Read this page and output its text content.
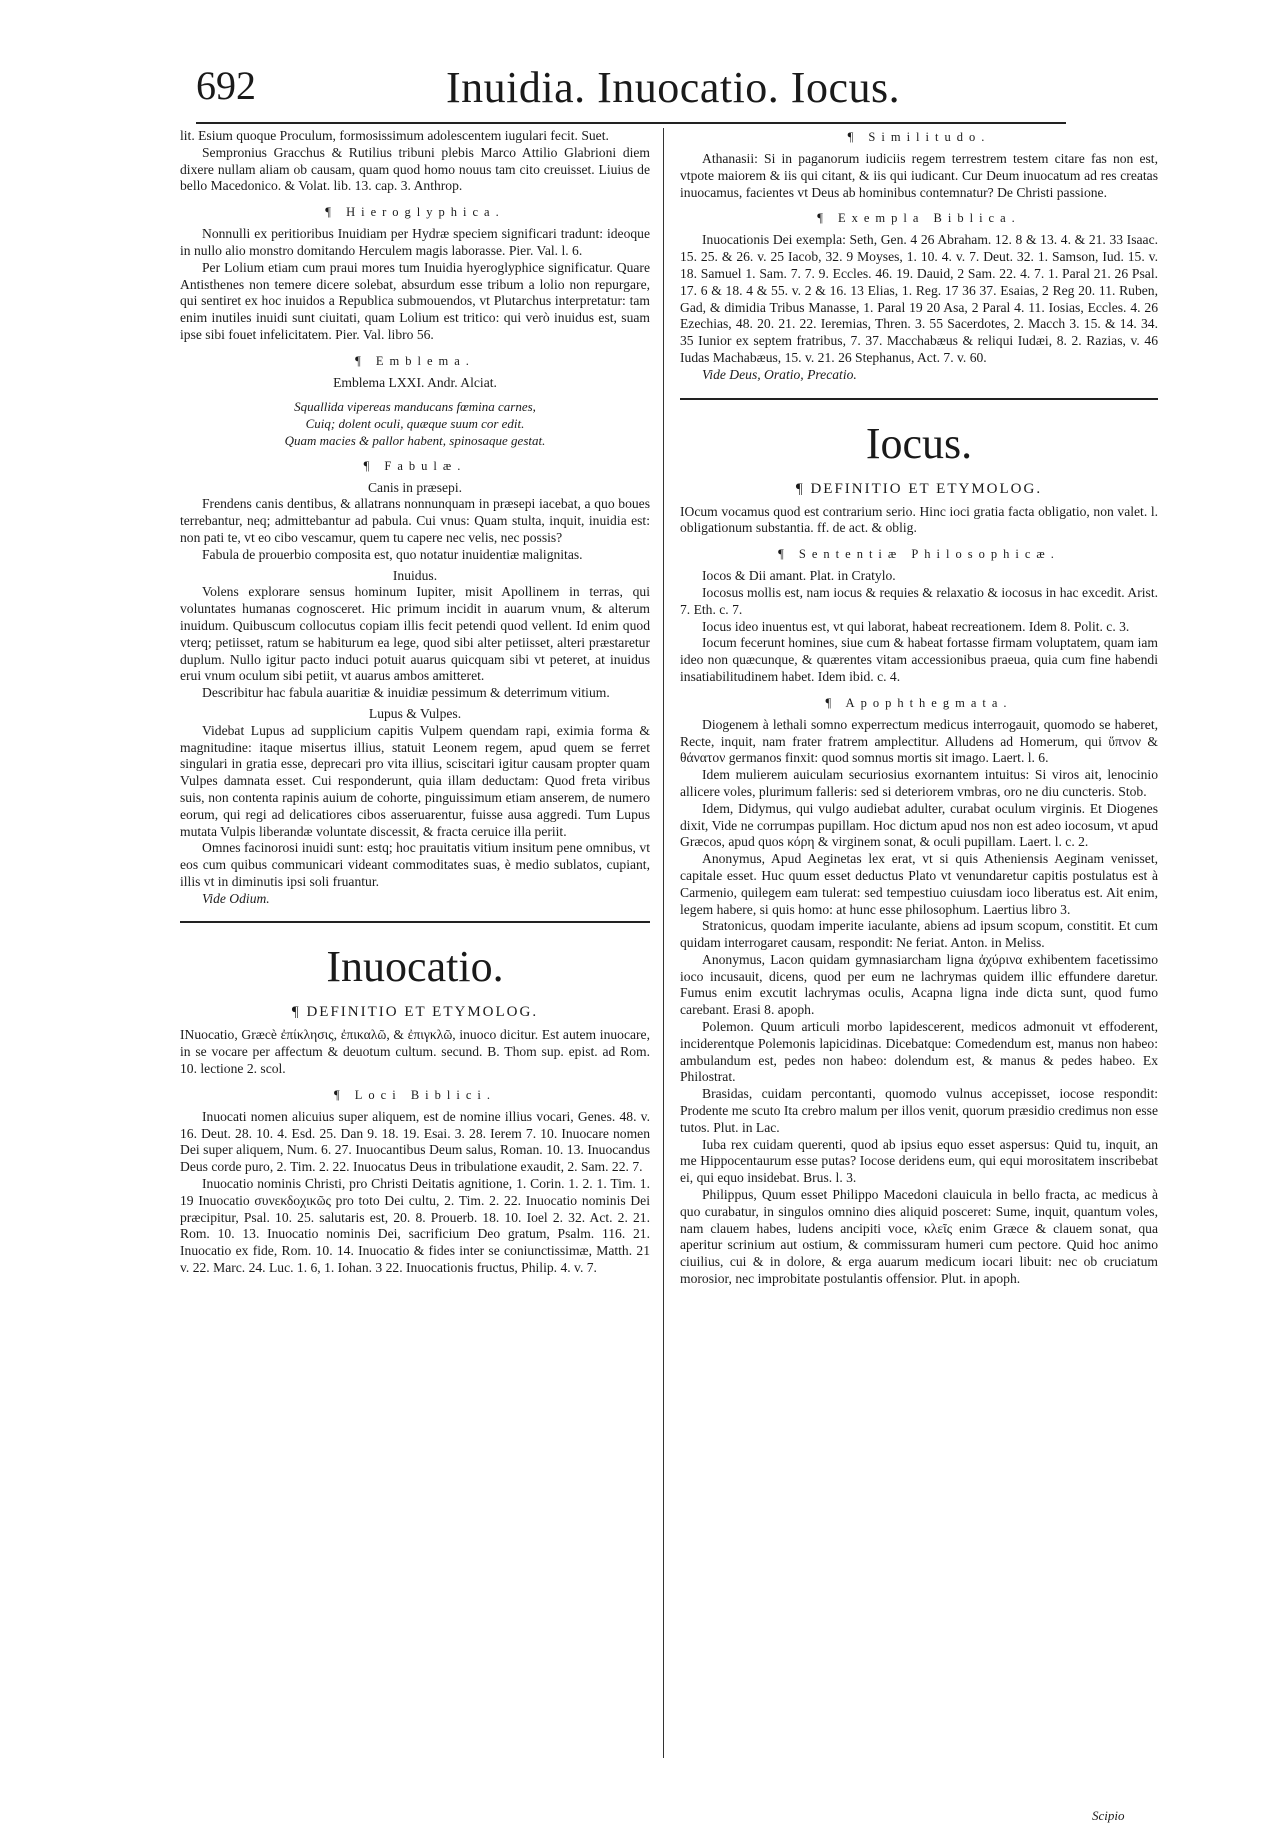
692	Inuidia. Inuocatio. Iocus.

lit. Esium quoque Proculum, formosissimum adolescentem iugulari fecit. Suet.

Sempronius Gracchus & Rutilius tribuni plebis Marco Attilio Glabrioni diem dixere nullam aliam ob causam, quam quod homo nouus tam cito creuisset. Liuius de bello Macedonico. & Volat. lib. 13. cap. 3. Anthrop.

¶ Hieroglyphica.

Nonnulli ex peritioribus Inuidiam per Hydræ speciem significari tradunt: ideoque in nullo alio monstro domitando Herculem magis laborasse. Pier. Val. l. 6.

Per Lolium etiam cum praui mores tum Inuidia hyeroglyphice significatur. Quare Antisthenes non temere dicere solebat, absurdum esse tribum a lolio non repurgare, qui sentiret ex hoc inuidos a Republica submouendos, vt Plutarchus interpretatur: tam enim inutiles inuidi sunt ciuitati, quam Lolium est tritico: qui verò inuidus est, suam ipse sibi fouet infelicitatem. Pier. Val. libro 56.

¶ Emblema.

Emblema LXXI. Andr. Alciat.

Squallida vipereas manducans fœmina carnes,
Cuiq; dolent oculi, quæque suum cor edit.
Quam macies & pallor habent, spinosaque gestat.
¶ Fabulæ.

Canis in præsepi.

Frendens canis dentibus, & allatrans nonnunquam in præsepi iacebat, a quo boues terrebantur, neq; admittebantur ad pabula. Cui vnus: Quam stulta, inquit, inuidia est: non pati te, vt eo cibo vescamur, quem tu capere nec velis, nec possis?

Fabula de prouerbio composita est, quo notatur inuidentiæ malignitas.

Inuidus.

Volens explorare sensus hominum Iupiter, misit Apollinem in terras, qui voluntates humanas cognosceret. Hic primum incidit in auarum vnum, & alterum inuidum. Quibuscum collocutus copiam illis fecit petendi quod vellent. Id enim quod vterq; petiisset, ratum se habiturum ea lege, quod sibi alter petiisset, alteri præstaretur duplum. Nullo igitur pacto induci potuit auarus quicquam sibi vt peteret, at inuidus erui vnum oculum sibi petiit, vt auarus ambos amitteret.

Describitur hac fabula auaritiæ & inuidiæ pessimum & deterrimum vitium.

Lupus & Vulpes.

Videbat Lupus ad supplicium capitis Vulpem quendam rapi, eximia forma & magnitudine: itaque misertus illius, statuit Leonem regem, apud quem se ferret singulari in gratia esse, deprecari pro vita illius, sciscitari igitur causam propter quam Vulpes damnata esset. Cui responderunt, quia illam deductam: Quod freta viribus suis, non contenta rapinis auium de cohorte, pinguissimum etiam anserem, de numero eorum, qui regi ad delicatiores cibos asseruarentur, fuisse ausa aggredi. Tum Lupus mutata Vulpis liberandæ voluntate discessit, & fracta ceruice illa periit.

Omnes facinorosi inuidi sunt: estq; hoc prauitatis vitium insitum pene omnibus, vt eos cum quibus communicari videant commoditates suas, è medio sublatos, cupiant, illis vt in diminutis ipsi soli fruantur.

Vide Odium.

Inuocatio.
¶ DEFINITIO ET ETYMOLOG.

INuocatio, Græcè ἐπίκλησις, ἐπικαλῶ, & ἐπιγκλῶ, inuoco dicitur. Est autem inuocare, in se vocare per affectum & deuotum cultum. secund. B. Thom sup. epist. ad Rom. 10. lectione 2. scol.

¶ Loci Biblici.

Inuocati nomen alicuius super aliquem, est de nomine illius vocari, Genes. 48. v. 16. Deut. 28. 10. 4. Esd. 25. Dan 9. 18. 19. Esai. 3. 28. Ierem 7. 10. Inuocare nomen Dei super aliquem, Num. 6. 27. Inuocantibus Deum salus, Roman. 10. 13. Inuocandus Deus corde puro, 2. Tim. 2. 22. Inuocatus Deus in tribulatione exaudit, 2. Sam. 22. 7.

Inuocatio nominis Christi, pro Christi Deitatis agnitione, 1. Corin. 1. 2. 1. Tim. 1. 19 Inuocatio συνεκδοχικῶς pro toto Dei cultu, 2. Tim. 2. 22. Inuocatio nominis Dei præcipitur, Psal. 10. 25. salutaris est, 20. 8. Prouerb. 18. 10. Ioel 2. 32. Act. 2. 21. Rom. 10. 13. Inuocatio nominis Dei, sacrificium Deo gratum, Psalm. 116. 21. Inuocatio ex fide, Rom. 10. 14. Inuocatio & fides inter se coniunctissimæ, Matth. 21 v. 22. Marc. 24. Luc. 1. 6, 1. Iohan. 3 22. Inuocationis fructus, Philip. 4. v. 7.

¶ Similitudo.

Athanasii: Si in paganorum iudiciis regem terrestrem testem citare fas non est, vtpote maiorem & iis qui citant, & iis qui iudicant. Cur Deum inuocatum ad res creatas inuocamus, facientes vt Deus ab hominibus contemnatur? De Christi passione.

¶ Exempla Biblica.

Inuocationis Dei exempla: Seth, Gen. 4 26 Abraham. 12. 8 & 13. 4. & 21. 33 Isaac. 15. 25. & 26. v. 25 Iacob, 32. 9 Moyses, 1. 10. 4. v. 7. Deut. 32. 1. Samson, Iud. 15. v. 18. Samuel 1. Sam. 7. 7. 9. Eccles. 46. 19. Dauid, 2 Sam. 22. 4. 7. 1. Paral 21. 26 Psal. 17. 6 & 18. 4 & 55. v. 2 & 16. 13 Elias, 1. Reg. 17 36 37. Esaias, 2 Reg 20. 11. Ruben, Gad, & dimidia Tribus Manasse, 1. Paral 19 20 Asa, 2 Paral 4. 11. Iosias, Eccles. 4. 26 Ezechias, 48. 20. 21. 22. Ieremias, Thren. 3. 55 Sacerdotes, 2. Macch 3. 15. & 14. 34. 35 Iunior ex septem fratribus, 7. 37. Macchabæus & reliqui Iudæi, 8. 2. Razias, v. 46 Iudas Machabæus, 15. v. 21. 26 Stephanus, Act. 7. v. 60.

Vide Deus, Oratio, Precatio.

Iocus.
¶ DEFINITIO ET ETYMOLOG.

IOcum vocamus quod est contrarium serio. Hinc ioci gratia facta obligatio, non valet. l. obligationum substantia. ff. de act. & oblig.

¶ Sententiæ Philosophicæ.

Iocos & Dii amant. Plat. in Cratylo.

Iocosus mollis est, nam iocus & requies & relaxatio & iocosus in hac excedit. Arist. 7. Eth. c. 7.

Iocus ideo inuentus est, vt qui laborat, habeat recreationem. Idem 8. Polit. c. 3.

Iocum fecerunt homines, siue cum & habeat fortasse firmam voluptatem, quam iam ideo non quæcunque, & quærentes vitam accessionibus praeua, quia cum fine habendi insatiabilitudinem habet. Idem ibid. c. 4.

¶ Apophthegmata.

Diogenem à lethali somno experrectum medicus interrogauit, quomodo se haberet, Recte, inquit, nam frater fratrem amplectitur. Alludens ad Homerum, qui ὕπνον & θάνατον germanos finxit: quod somnus mortis sit imago. Laert. l. 6.

Idem mulierem auiculam securiosius exornantem intuitus: Si viros ait, lenocinio allicere voles, plurimum falleris: sed si deteriorem vmbras, oro ne diu cuncteris. Stob.

Idem, Didymus, qui vulgo audiebat adulter, curabat oculum virginis. Et Diogenes dixit, Vide ne corrumpas pupillam. Hoc dictum apud nos non est adeo iocosum, vt apud Græcos, apud quos κόρη & virginem sonat, & oculi pupillam. Laert. l. c. 2.

Anonymus, Apud Aeginetas lex erat, vt si quis Atheniensis Aeginam venisset, capitale esset. Huc quum esset deductus Plato vt venundaretur capitis postulatus est à Carmenio, quilegem eam tulerat: sed tempestiuo cuiusdam ioco liberatus est. Ait enim, legem habere, si quis homo: at hunc esse philosophum. Laertius libro 3.

Stratonicus, quodam imperite iaculante, abiens ad ipsum scopum, constitit. Et cum quidam interrogaret causam, respondit: Ne feriat. Anton. in Meliss.

Anonymus, Lacon quidam gymnasiarcham ligna ἀχύρινα exhibentem facetissimo ioco incusauit, dicens, quod per eum ne lachrymas quidem illic effundere daretur. Fumus enim excutit lachrymas oculis, Acapna ligna inde dicta sunt, quod fumo carebant. Erasi 8. apoph.

Polemon. Quum articuli morbo lapidescerent, medicos admonuit vt effoderent, inciderentque Polemonis lapicidinas. Dicebatque: Comedendum est, manus non habeo: ambulandum est, pedes non habeo: dolendum est, & manus & pedes habeo. Ex Philostrat.

Brasidas, cuidam percontanti, quomodo vulnus accepisset, iocose respondit: Prodente me scuto Ita crebro malum per illos venit, quorum præsidio credimus non esse tutos. Plut. in Lac.

Iuba rex cuidam querenti, quod ab ipsius equo esset aspersus: Quid tu, inquit, an me Hippocentaurum esse putas? Iocose deridens eum, qui equi morositatem inscribebat ei, qui equo insidebat. Brus. l. 3.

Philippus, Quum esset Philippo Macedoni clauicula in bello fracta, ac medicus à quo curabatur, in singulos omnino dies aliquid posceret: Sume, inquit, quantum voles, nam clauem habes, ludens ancipiti voce, κλεῖς enim Græce & clauem sonat, qua aperitur scrinium aut ostium, & commissuram humeri cum pectore. Quid hoc animo ciuilius, cui & in dolore, & erga auarum medicum iocari libuit: nec ob cruciatum morosior, nec improbitate postulantis offensior. Plut. in apoph.

Scipio
